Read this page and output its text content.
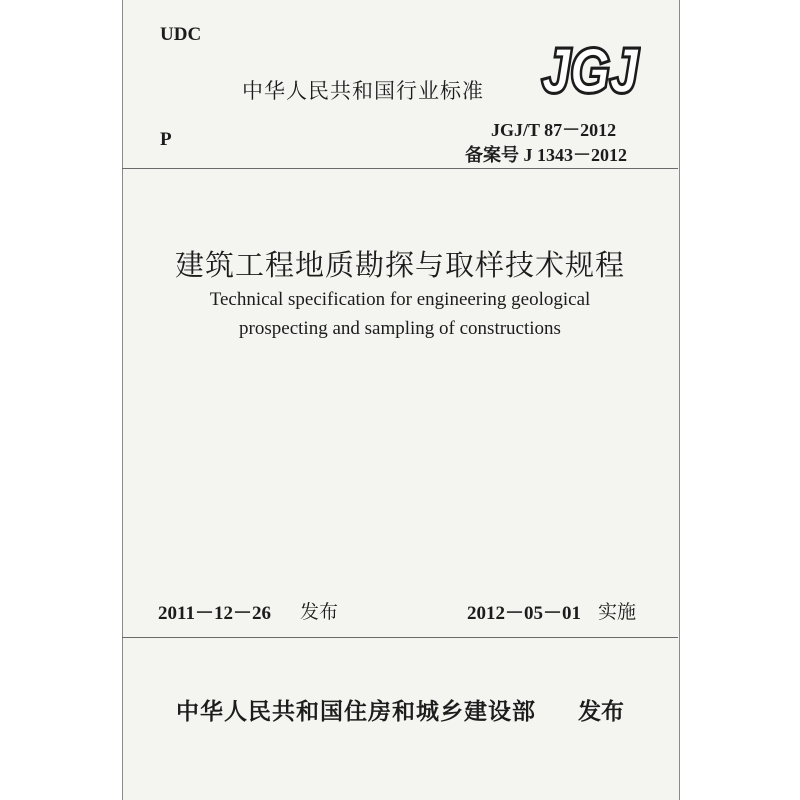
UDC
P
中华人民共和国行业标准 JGJ
JGJ
JGJ/T 87－2012
备案号 J 1343－2012
建筑工程地质勘探与取样技术规程
Technical specification for engineering geological
prospecting and sampling of constructions
2011－12－26 发布	2012－05－01 实施
中华人民共和国住房和城乡建设部 发布
